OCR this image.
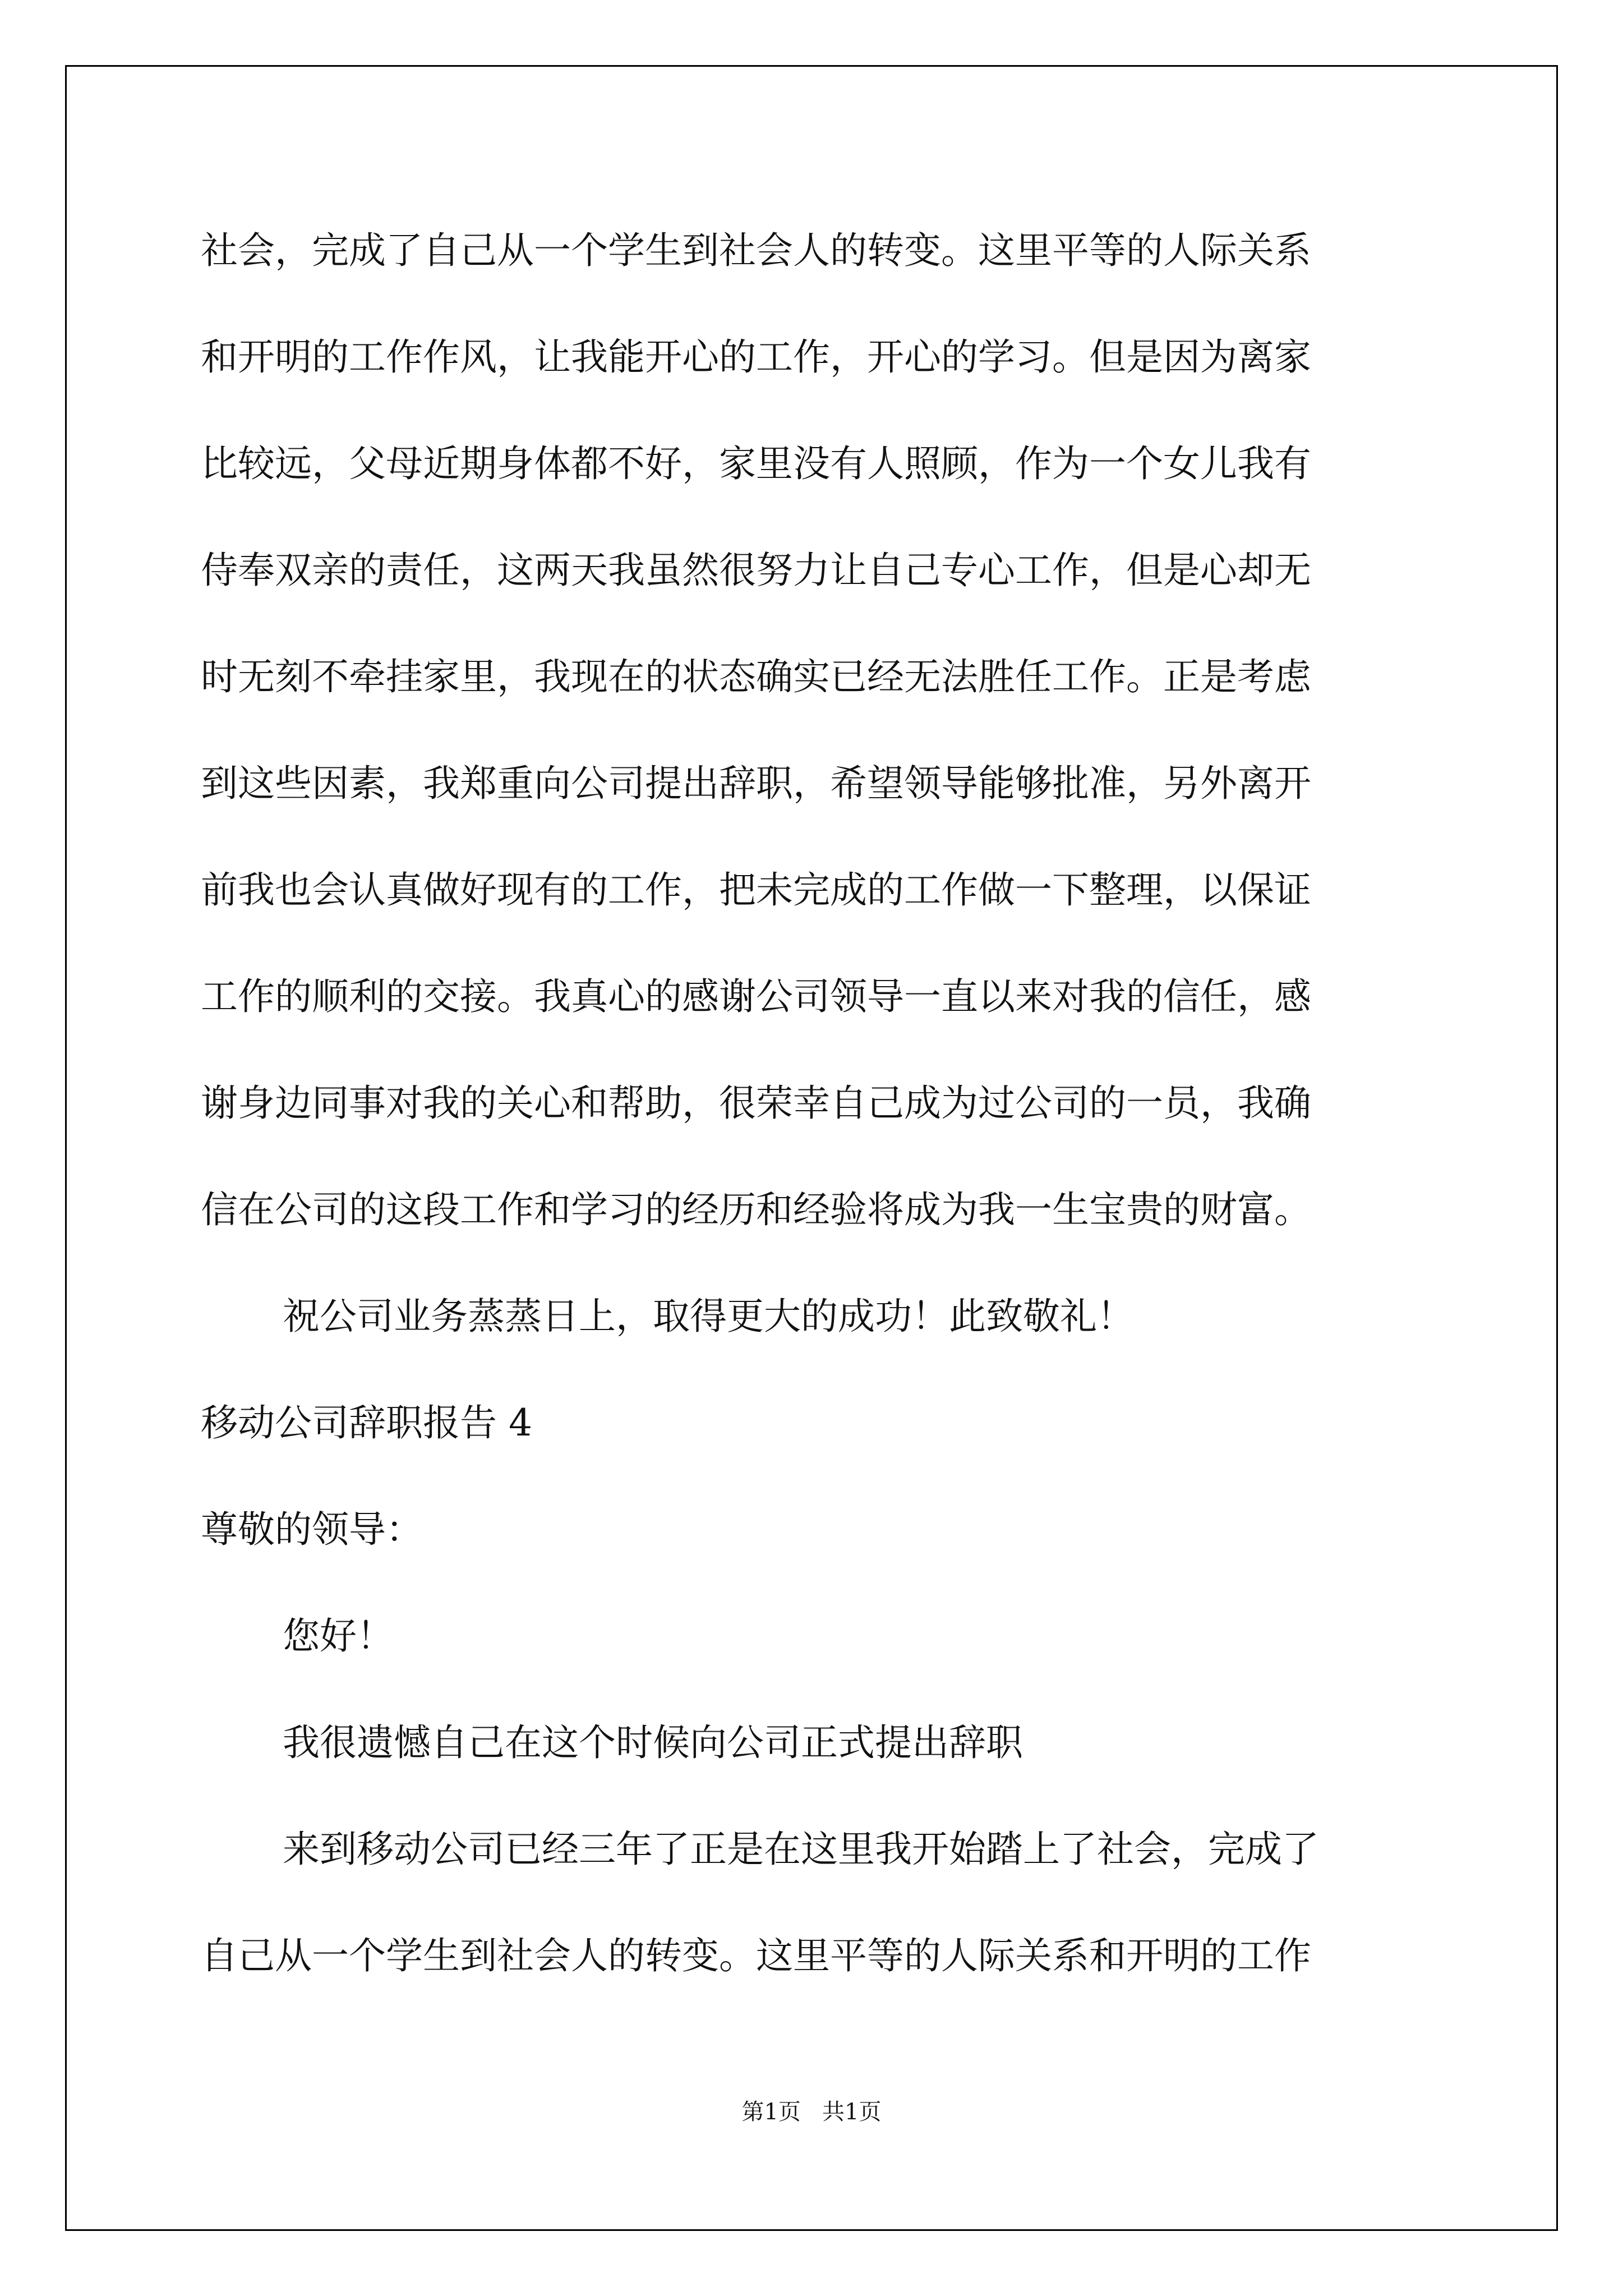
社会，完成了自己从一个学生到社会人的转变。这里平等的人际关系
和开明的工作作风，让我能开心的工作，开心的学习。但是因为离家
比较远，父母近期身体都不好，家里没有人照顾，作为一个女儿我有
侍奉双亲的责任，这两天我虽然很努力让自己专心工作，但是心却无
时无刻不牵挂家里，我现在的状态确实已经无法胜任工作。正是考虑
到这些因素，我郑重向公司提出辞职，希望领导能够批准，另外离开
前我也会认真做好现有的工作，把未完成的工作做一下整理，以保证
工作的顺利的交接。我真心的感谢公司领导一直以来对我的信任，感
谢身边同事对我的关心和帮助，很荣幸自己成为过公司的一员，我确
信在公司的这段工作和学习的经历和经验将成为我一生宝贵的财富。
祝公司业务蒸蒸日上，取得更大的成功！此致敬礼！
移动公司辞职报告 4
尊敬的领导：
您好！
我很遗憾自己在这个时候向公司正式提出辞职
来到移动公司已经三年了正是在这里我开始踏上了社会，完成了
自己从一个学生到社会人的转变。这里平等的人际关系和开明的工作
第1页   共1页
